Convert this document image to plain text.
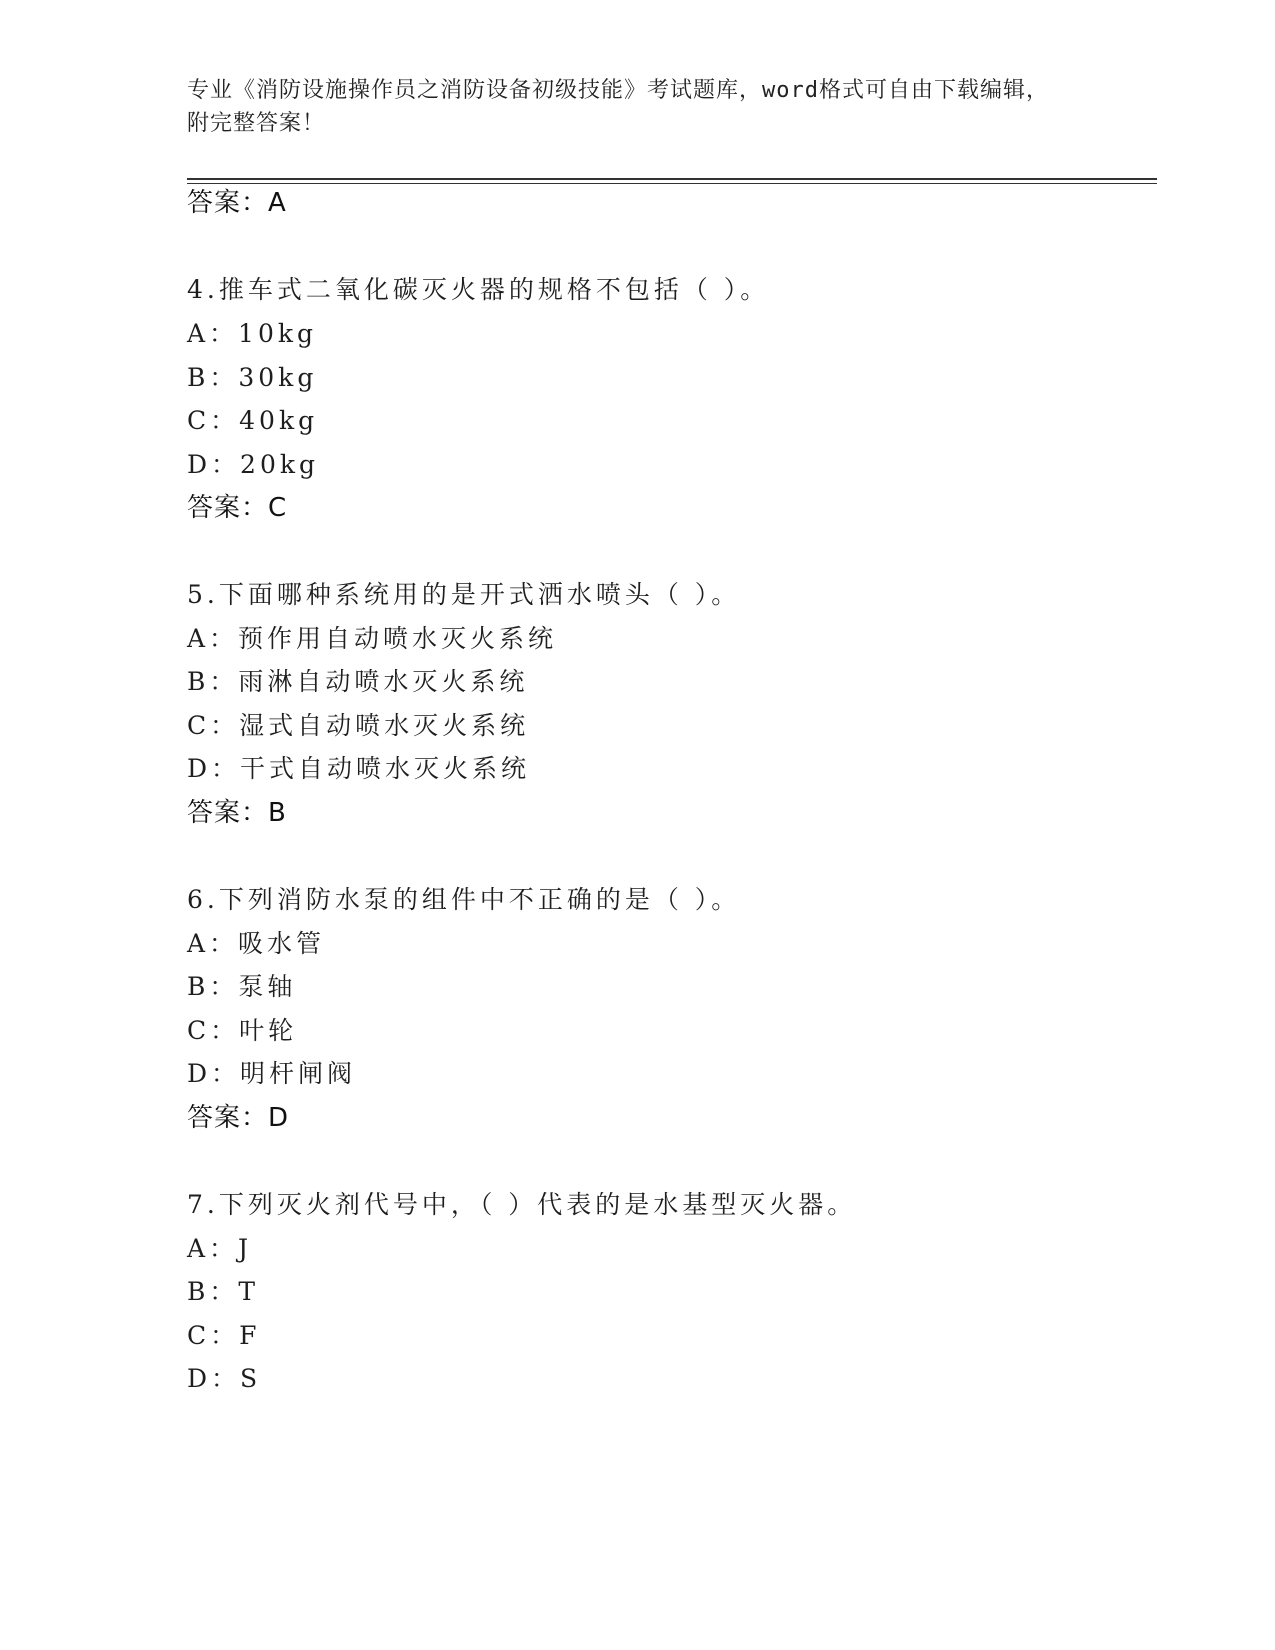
专业《消防设施操作员之消防设备初级技能》考试题库，word格式可自由下载编辑，附完整答案！
答案：A
4.推车式二氧化碳灭火器的规格不包括（ ）。
A：10kg
B：30kg
C：40kg
D：20kg
答案：C
5.下面哪种系统用的是开式洒水喷头（ ）。
A：预作用自动喷水灭火系统
B：雨淋自动喷水灭火系统
C：湿式自动喷水灭火系统
D：干式自动喷水灭火系统
答案：B
6.下列消防水泵的组件中不正确的是（ ）。
A：吸水管
B：泵轴
C：叶轮
D：明杆闸阀
答案：D
7.下列灭火剂代号中，（ ）代表的是水基型灭火器。
A：J
B：T
C：F
D：S
